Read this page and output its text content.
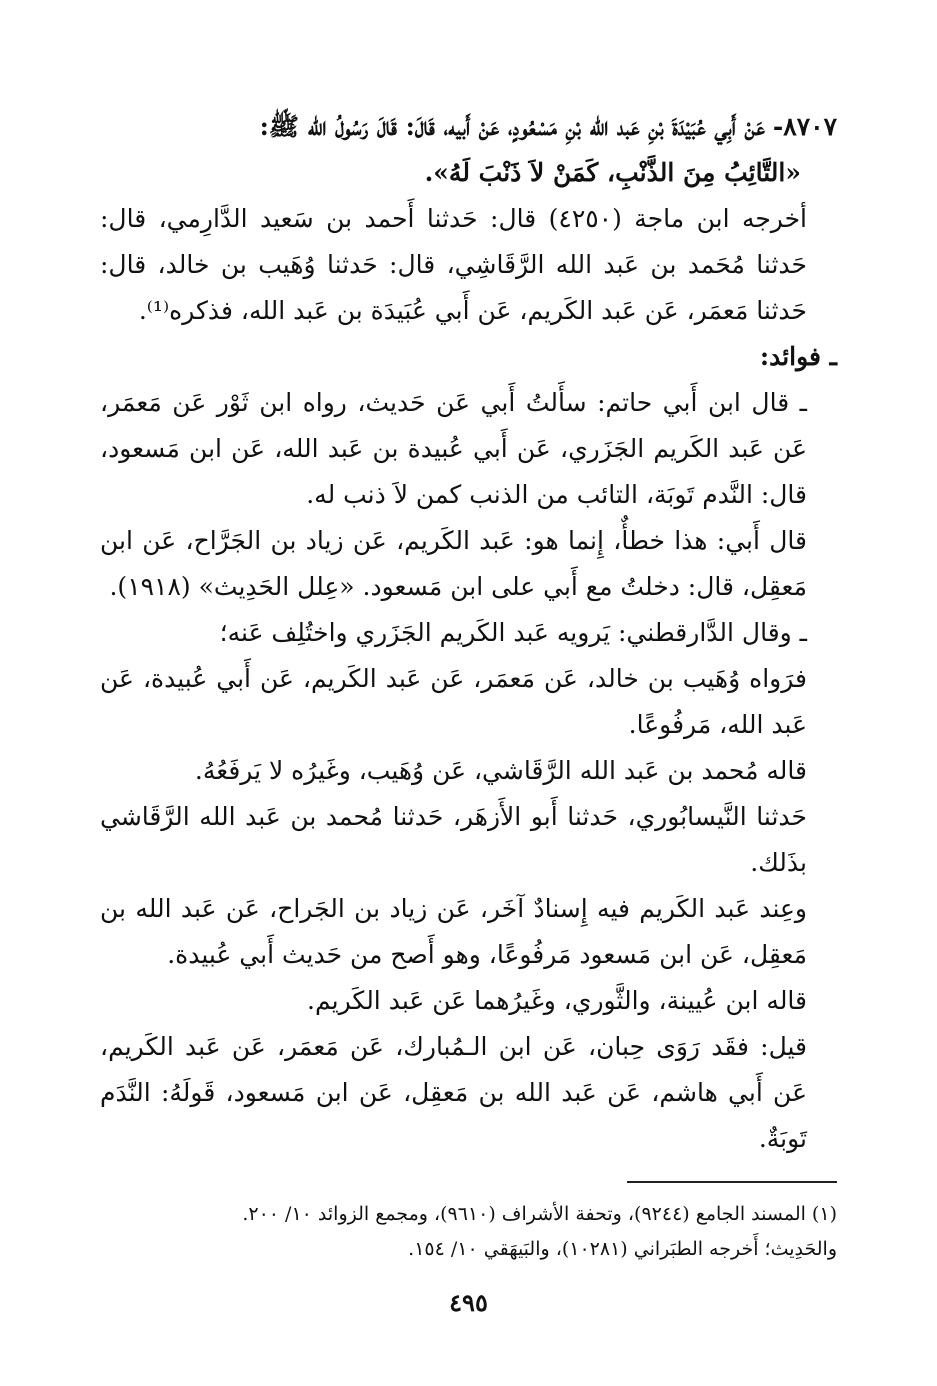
٨٧٠٧- عَنْ أَبِي عُبَيْدَةَ بْنِ عَبد الله بْنِ مَسْعُودٍ، عَنْ أَبيه، قَالَ: قَالَ رَسُولُ الله ﷺ:

«التَّائِبُ مِنَ الذَّنْبِ، كَمَنْ لاَ ذَنْبَ لَهُ».

أخرجه ابن ماجة (٤٢٥٠) قال: حَدثنا أَحمد بن سَعيد الدَّارِمي، قال: حَدثنا مُحَمد بن عَبد الله الرَّقَاشِي، قال: حَدثنا وُهَيب بن خالد، قال: حَدثنا مَعمَر، عَن عَبد الكَريم، عَن أَبي عُبَيدَة بن عَبد الله، فذكره⁽¹⁾.

ـ فوائد:

ـ قال ابن أَبي حاتم: سأَلتُ أَبي عَن حَديث، رواه ابن ثَوْر عَن مَعمَر، عَن عَبد الكَريم الجَزَري، عَن أَبي عُبيدة بن عَبد الله، عَن ابن مَسعود، قال: النَّدم تَوبَة، التائب من الذنب كمن لاَ ذنب له.

قال أَبي: هذا خطأٌ، إِنما هو: عَبد الكَريم، عَن زياد بن الجَرَّاح، عَن ابن مَعقِل، قال: دخلتُ مع أَبي على ابن مَسعود. «عِلل الحَدِيث» (١٩١٨).

ـ وقال الدَّارقطني: يَرويه عَبد الكَريم الجَزَري واختُلِف عَنه؛

فرَواه وُهَيب بن خالد، عَن مَعمَر، عَن عَبد الكَريم، عَن أَبي عُبيدة، عَن عَبد الله، مَرفُوعًا.

قاله مُحمد بن عَبد الله الرَّقَاشي، عَن وُهَيب، وغَيرُه لا يَرفَعُهُ.

حَدثنا النَّيسابُوري، حَدثنا أَبو الأَزهَر، حَدثنا مُحمد بن عَبد الله الرَّقَاشي بذَلك.

وعِند عَبد الكَريم فيه إِسنادٌ آخَر، عَن زياد بن الجَراح، عَن عَبد الله بن مَعقِل، عَن ابن مَسعود مَرفُوعًا، وهو أَصح من حَديث أَبي عُبيدة.

قاله ابن عُيينة، والثَّوري، وغَيرُهما عَن عَبد الكَريم.

قيل: فقَد رَوَى حِبان، عَن ابن الـمُبارك، عَن مَعمَر، عَن عَبد الكَريم، عَن أَبي هاشم، عَن عَبد الله بن مَعقِل، عَن ابن مَسعود، قَولَهُ: النَّدَم تَوبَةٌ.

(١) المسند الجامع (٩٢٤٤)، وتحفة الأشراف (٩٦١٠)، ومجمع الزوائد ١٠/ ٢٠٠.

والحَدِيث؛ أَخرجه الطبَراني (١٠٢٨١)، والبَيهَقي ١٠/ ١٥٤.

٤٩٥
